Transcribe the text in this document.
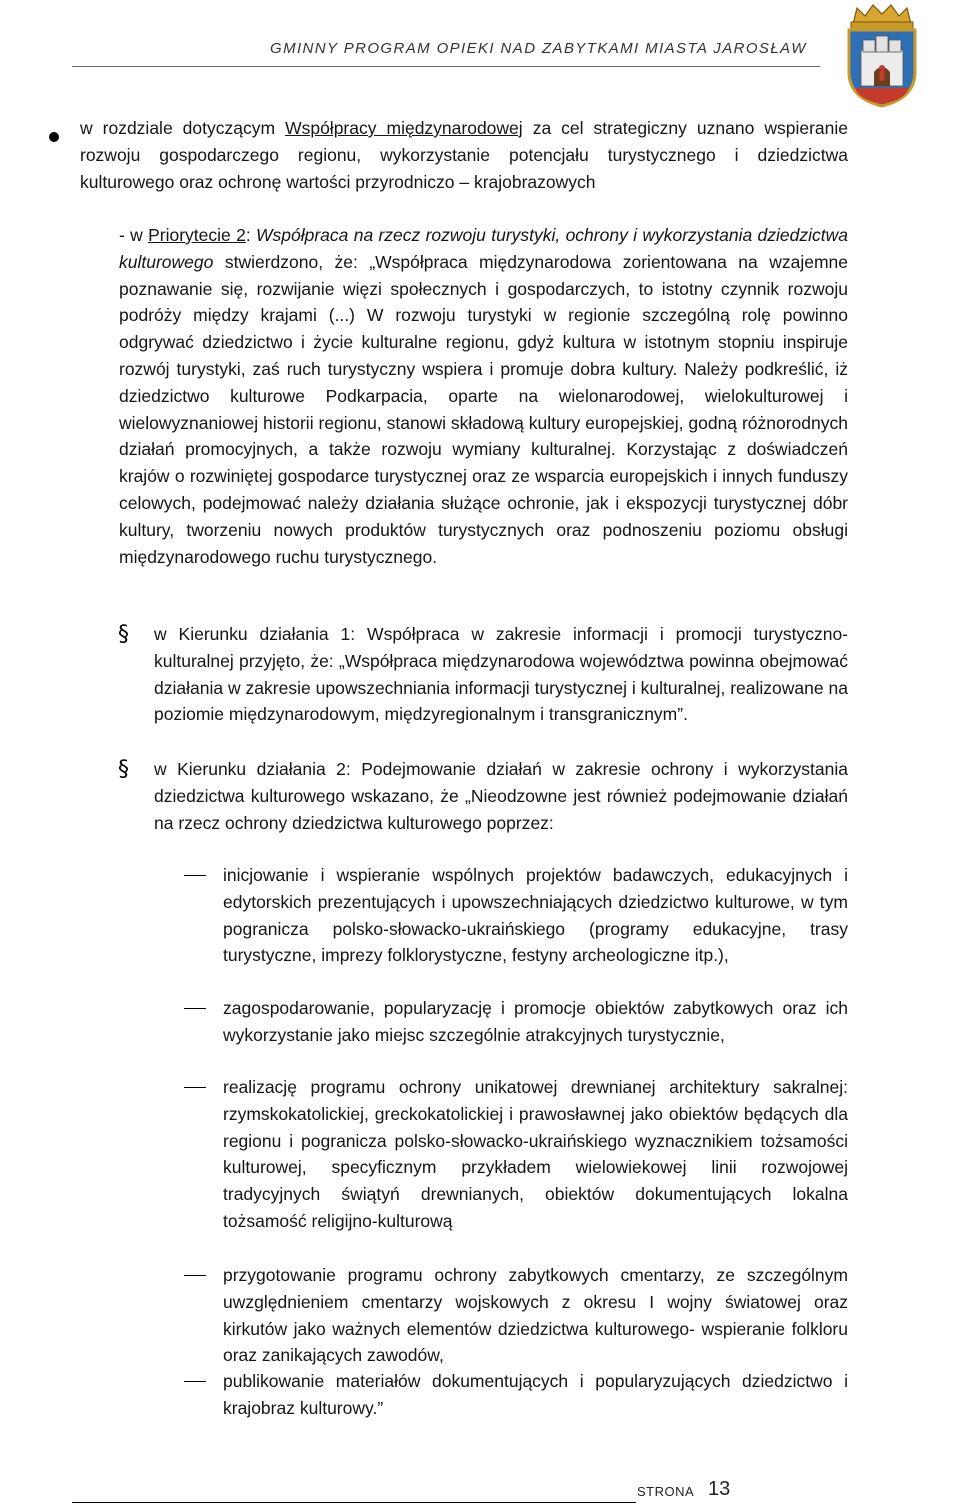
GMINNY PROGRAM OPIEKI NAD ZABYTKAMI MIASTA JAROSŁAW

w rozdziale dotyczącym Współpracy międzynarodowej za cel strategiczny uznano wspieranie rozwoju gospodarczego regionu, wykorzystanie potencjału turystycznego i dziedzictwa kulturowego oraz ochronę wartości przyrodniczo – krajobrazowych

- w Priorytecie 2: Współpraca na rzecz rozwoju turystyki, ochrony i wykorzystania dziedzictwa kulturowego stwierdzono, że: „Współpraca międzynarodowa zorientowana na wzajemne poznawanie się, rozwijanie więzi społecznych i gospodarczych, to istotny czynnik rozwoju podróży między krajami (...) W rozwoju turystyki w regionie szczególną rolę powinno odgrywać dziedzictwo i życie kulturalne regionu, gdyż kultura w istotnym stopniu inspiruje rozwój turystyki, zaś ruch turystyczny wspiera i promuje dobra kultury. Należy podkreślić, iż dziedzictwo kulturowe Podkarpacia, oparte na wielonarodowej, wielokulturowej i wielowyznaniowej historii regionu, stanowi składową kultury europejskiej, godną różnorodnych działań promocyjnych, a także rozwoju wymiany kulturalnej. Korzystając z doświadczeń krajów o rozwiniętej gospodarce turystycznej oraz ze wsparcia europejskich i innych funduszy celowych, podejmować należy działania służące ochronie, jak i ekspozycji turystycznej dóbr kultury, tworzeniu nowych produktów turystycznych oraz podnoszeniu poziomu obsługi międzynarodowego ruchu turystycznego.

§	w Kierunku działania 1: Współpraca w zakresie informacji i promocji turystyczno-kulturalnej przyjęto, że: „Współpraca międzynarodowa województwa powinna obejmować działania w zakresie upowszechniania informacji turystycznej i kulturalnej, realizowane na poziomie międzynarodowym, międzyregionalnym i transgranicznym”.

§	w Kierunku działania 2: Podejmowanie działań w zakresie ochrony i wykorzystania dziedzictwa kulturowego wskazano, że „Nieodzowne jest również podejmowanie działań na rzecz ochrony dziedzictwa kulturowego poprzez:

inicjowanie i wspieranie wspólnych projektów badawczych, edukacyjnych i edytorskich prezentujących i upowszechniających dziedzictwo kulturowe, w tym pogranicza polsko-słowacko-ukraińskiego (programy edukacyjne, trasy turystyczne, imprezy folklorystyczne, festyny archeologiczne itp.),

zagospodarowanie, popularyzację i promocje obiektów zabytkowych oraz ich wykorzystanie jako miejsc szczególnie atrakcyjnych turystycznie,

realizację programu ochrony unikatowej drewnianej architektury sakralnej: rzymskokatolickiej, greckokatolickiej i prawosławnej jako obiektów będących dla regionu i pogranicza polsko-słowacko-ukraińskiego wyznacznikiem tożsamości kulturowej, specyficznym przykładem wielowiekowej linii rozwojowej tradycyjnych świątyń drewnianych, obiektów dokumentujących lokalna tożsamość religijno-kulturową

przygotowanie programu ochrony zabytkowych cmentarzy, ze szczególnym uwzględnieniem cmentarzy wojskowych z okresu I wojny światowej oraz kirkutów jako ważnych elementów dziedzictwa kulturowego- wspieranie folkloru oraz zanikających zawodów,

publikowanie materiałów dokumentujących i popularyzujących dziedzictwo i krajobraz kulturowy.”

STRONA 13
